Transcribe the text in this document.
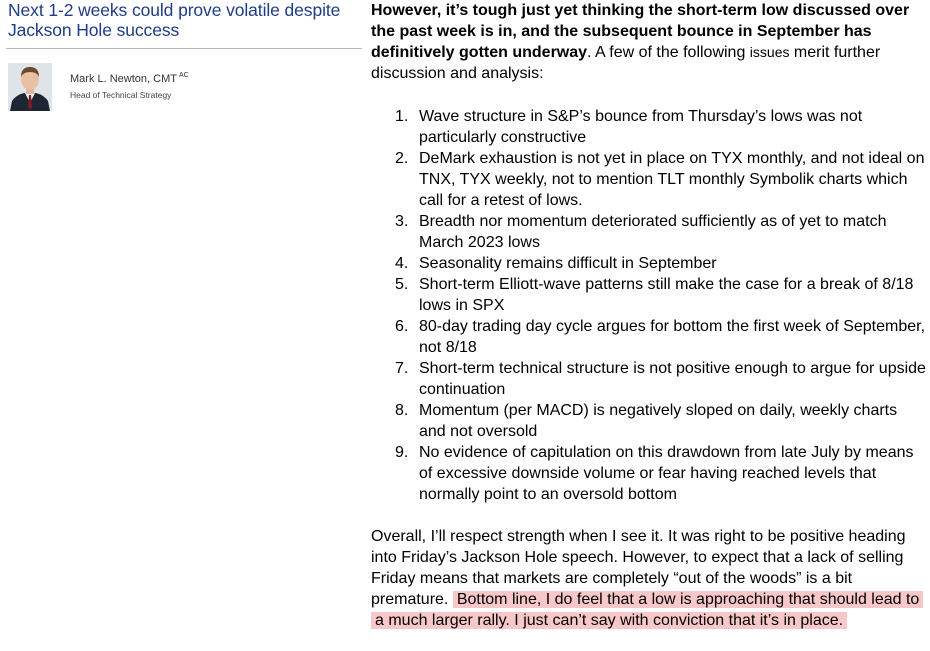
Next 1-2 weeks could prove volatile despite Jackson Hole success
Mark L. Newton, CMT $^{AC}$
Head of Technical Strategy

However, it’s tough just yet thinking the short-term low discussed over the past week is in, and the subsequent bounce in September has definitively gotten underway. A few of the following issues merit further discussion and analysis:

1. Wave structure in S&P’s bounce from Thursday’s lows was not particularly constructive
2. DeMark exhaustion is not yet in place on TYX monthly, and not ideal on TNX, TYX weekly, not to mention TLT monthly Symbolik charts which call for a retest of lows.
3. Breadth nor momentum deteriorated sufficiently as of yet to match March 2023 lows
4. Seasonality remains difficult in September
5. Short-term Elliott-wave patterns still make the case for a break of 8/18 lows in SPX
6. 80-day trading day cycle argues for bottom the first week of September, not 8/18
7. Short-term technical structure is not positive enough to argue for upside continuation
8. Momentum (per MACD) is negatively sloped on daily, weekly charts and not oversold
9. No evidence of capitulation on this drawdown from late July by means of excessive downside volume or fear having reached levels that normally point to an oversold bottom

Overall, I’ll respect strength when I see it. It was right to be positive heading into Friday’s Jackson Hole speech. However, to expect that a lack of selling Friday means that markets are completely “out of the woods” is a bit premature. Bottom line, I do feel that a low is approaching that should lead to a much larger rally. I just can’t say with conviction that it’s in place.
